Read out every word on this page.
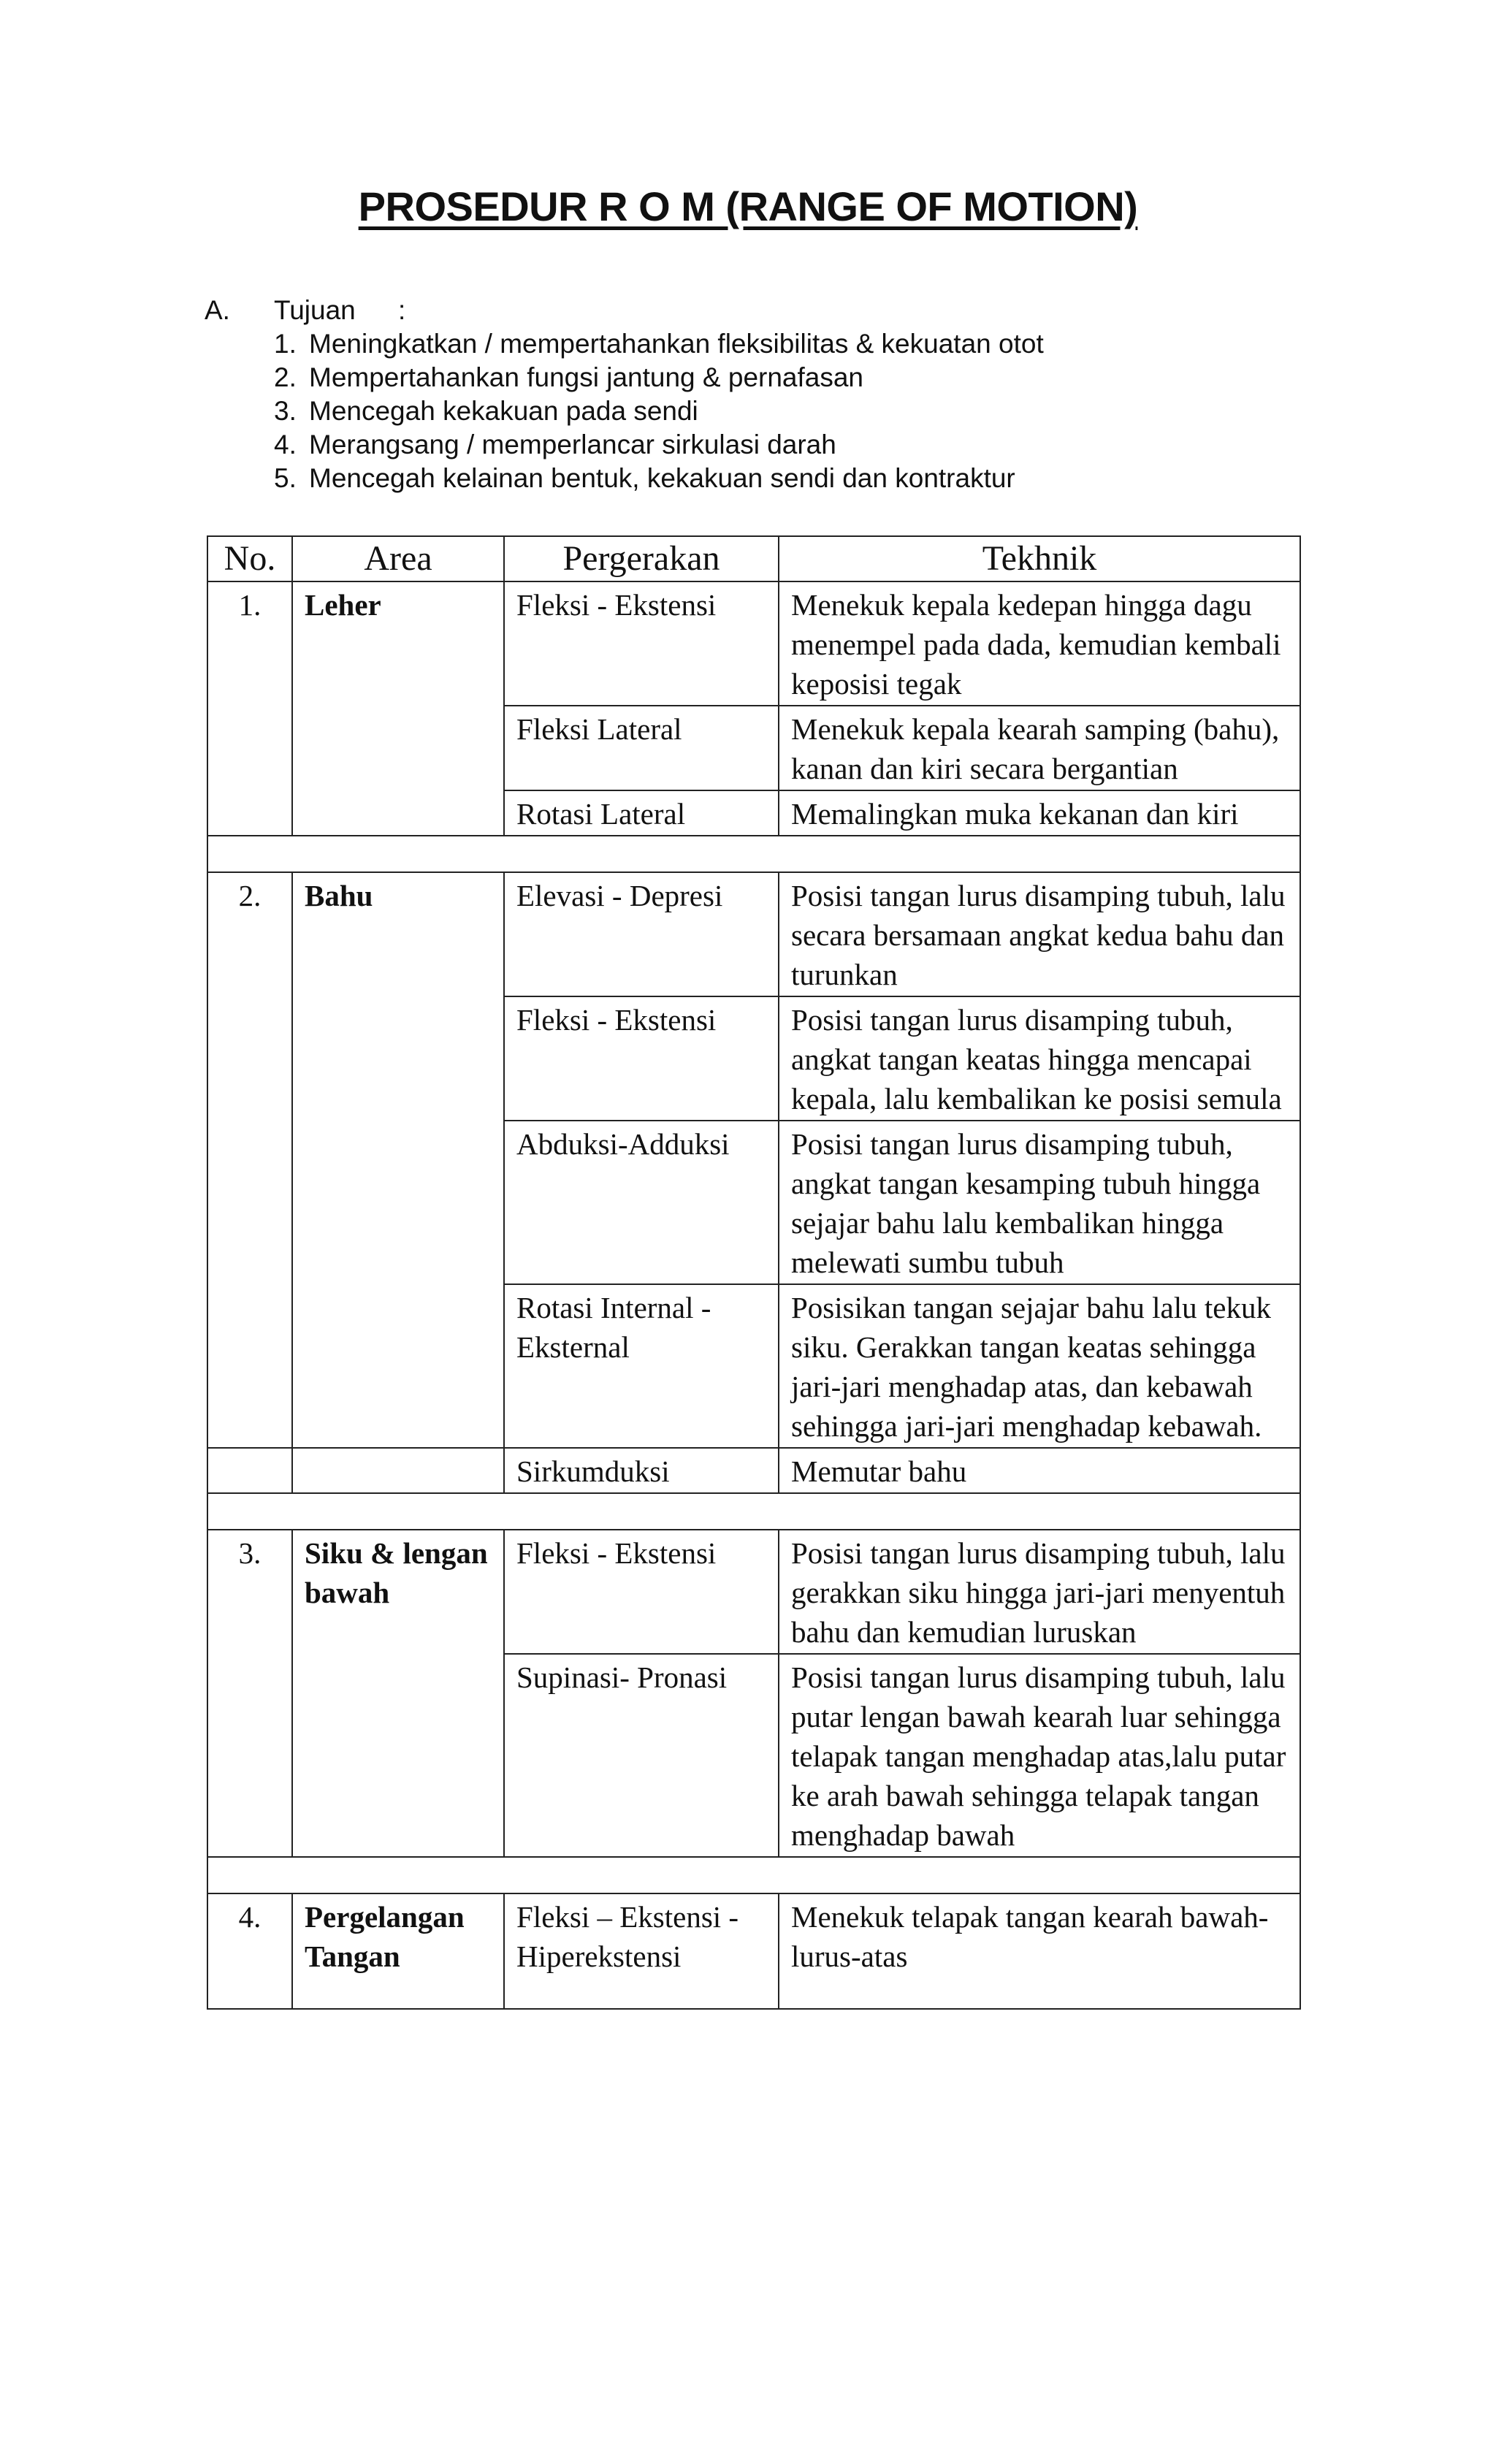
PROSEDUR R O M (RANGE OF MOTION)
A. Tujuan :
1. Meningkatkan / mempertahankan fleksibilitas & kekuatan otot
2. Mempertahankan fungsi jantung & pernafasan
3. Mencegah kekakuan pada sendi
4. Merangsang / memperlancar sirkulasi darah
5. Mencegah kelainan bentuk, kekakuan sendi dan kontraktur
No.	Area	Pergerakan	Tekhnik
1.	Leher	Fleksi - Ekstensi	Menekuk kepala kedepan hingga dagu menempel pada dada, kemudian kembali keposisi tegak
		Fleksi Lateral	Menekuk kepala kearah samping (bahu), kanan dan kiri secara bergantian
		Rotasi Lateral	Memalingkan muka kekanan dan kiri

2.	Bahu	Elevasi - Depresi	Posisi tangan lurus disamping tubuh, lalu secara bersamaan angkat kedua bahu dan turunkan
		Fleksi - Ekstensi	Posisi tangan lurus disamping tubuh, angkat tangan keatas hingga mencapai kepala, lalu kembalikan ke posisi semula
		Abduksi-Adduksi	Posisi tangan lurus disamping tubuh, angkat tangan kesamping tubuh hingga sejajar bahu lalu kembalikan hingga melewati sumbu tubuh
		Rotasi Internal -Eksternal	Posisikan tangan sejajar bahu lalu tekuk siku. Gerakkan tangan keatas sehingga jari-jari menghadap atas, dan kebawah sehingga jari-jari menghadap kebawah.
		Sirkumduksi	Memutar bahu

3.	Siku & lengan bawah	Fleksi - Ekstensi	Posisi tangan lurus disamping tubuh, lalu gerakkan siku hingga jari-jari menyentuh bahu dan kemudian luruskan
		Supinasi- Pronasi	Posisi tangan lurus disamping tubuh, lalu putar lengan bawah kearah luar sehingga telapak tangan menghadap atas,lalu putar ke arah bawah sehingga telapak tangan menghadap bawah

4.	Pergelangan Tangan	Fleksi – Ekstensi - Hiperekstensi	Menekuk telapak tangan kearah bawah-lurus-atas
